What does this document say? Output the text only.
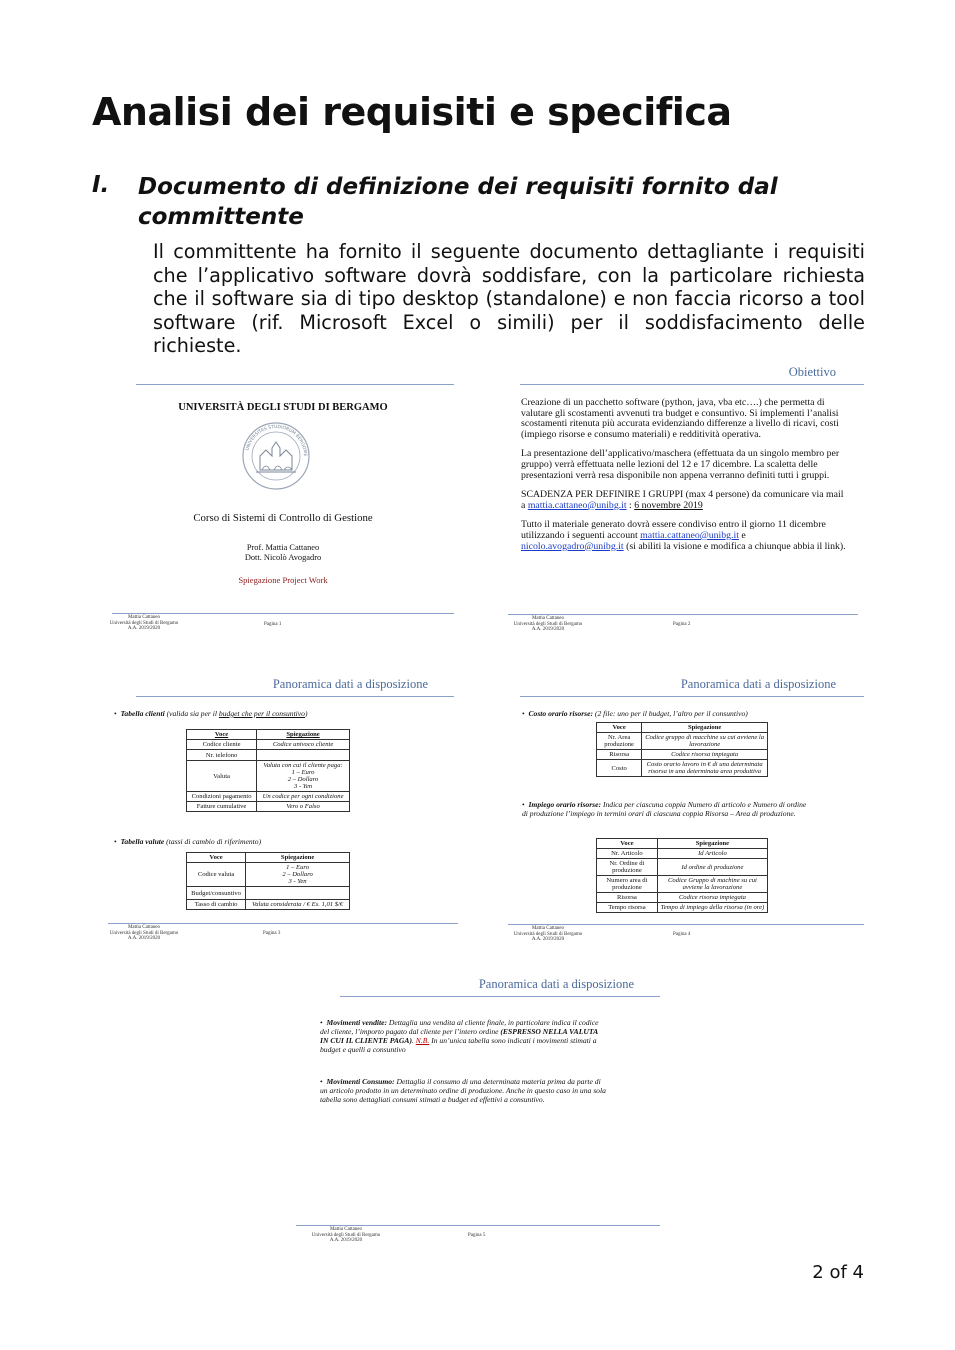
Analisi dei requisiti e specifica
I. Documento di definizione dei requisiti fornito dal committente

Il committente ha fornito il seguente documento dettagliante i requisiti che l’applicativo software dovrà soddisfare, con la particolare richiesta che il software sia di tipo desktop (standalone) e non faccia ricorso a tool software (rif. Microsoft Excel o simili) per il soddisfacimento delle richieste.

UNIVERSITÀ DEGLI STUDI DI BERGAMO
UNIVERSITAS STUDIORUM BERGOME
Corso di Sistemi di Controllo di Gestione
Prof. Mattia Cattaneo
Dott. Nicolò Avogadro
Spiegazione Project Work
Mattia Cattaneo
Università degli Studi di Bergamo
A.A. 2019/2020
Pagina 1
Obiettivo

Creazione di un pacchetto software (python, java, vba etc….) che permetta di valutare gli scostamenti avvenuti tra budget e consuntivo. Si implementi l’analisi scostamenti ritenuta più accurata evidenziando differenze a livello di ricavi, costi (impiego risorse e consumo materiali) e redditività operativa.

La presentazione dell’applicativo/maschera (effettuata da un singolo membro per gruppo) verrà effettuata nelle lezioni del 12 e 17 dicembre. La scaletta delle presentazioni verrà resa disponibile non appena verranno definiti tutti i gruppi.

SCADENZA PER DEFINIRE I GRUPPI (max 4 persone) da comunicare via mail a mattia.cattaneo@unibg.it : 6 novembre 2019

Tutto il materiale generato dovrà essere condiviso entro il giorno 11 dicembre utilizzando i seguenti account mattia.cattaneo@unibg.it e nicolo.avogadro@unibg.it (si abiliti la visione e modifica a chiunque abbia il link).

Mattia Cattaneo
Università degli Studi di Bergamo
A.A. 2019/2020
Pagina 2
Panoramica dati a disposizione
•  Tabella clienti (valida sia per il budget che per il consuntivo)
Voce	Spiegazione
Codice cliente	Codice univoco cliente
Nr. telefono	
Valuta	Valuta con cui il cliente paga:
1 – Euro
2 – Dollaro
3 - Yen

Condizioni pagamento	Un codice per ogni condizione
Fatture cumulative	Vero o Falso
•  Tabella valute (tassi di cambio di riferimento)
Voce	Spiegazione
Codice valuta	1 – Euro
2 – Dollaro
3 - Yen

Budget/consuntivo	
Tasso di cambio	Valuta considerata / € Es. 1,01 $/€
Mattia Cattaneo
Università degli Studi di Bergamo
A.A. 2019/2020
Pagina 3
Panoramica dati a disposizione
•  Costo orario risorse: (2 file: uno per il budget, l’altro per il consuntivo)
Voce	Spiegazione
Nr. Area produzione	Codice gruppo di macchine su cui avviene la lavorazione
Risorsa	Codice risorsa impiegata
Costo	Costo orario lavoro in € di una determinata risorsa in una determinata area produttiva
•  Impiego orario risorse: Indica per ciascuna coppia Numero di articolo e Numero di ordine di produzione l’impiego in termini orari di ciascuna coppia Risorsa – Area di produzione.
Voce	Spiegazione
Nr. Articolo	Id Articolo
Nr. Ordine di produzione	Id ordine di produzione
Numero area di produzione	Codice Gruppo di machine su cui avviene la lavorazione
Risorsa	Codice risorsa impiegata
Tempo risorsa	Tempo di impiego della risorsa (in ore)
Mattia Cattaneo
Università degli Studi di Bergamo
A.A. 2019/2020
Pagina 4
Panoramica dati a disposizione
•  Movimenti vendite: Dettaglia una vendita al cliente finale, in particolare indica il codice del cliente, l’importo pagato dal cliente per l’intero ordine (ESPRESSO NELLA VALUTA IN CUI IL CLIENTE PAGA). N.B. In un’unica tabella sono indicati i movimenti stimati a budget e quelli a consuntivo
•  Movimenti Consumo: Dettaglia il consumo di una determinata materia prima da parte di un articolo prodotto in un determinato ordine di produzione. Anche in questo caso in una sola tabella sono dettagliati consumi stimati a budget ed effettivi a consuntivo.
Mattia Cattaneo
Università degli Studi di Bergamo
A.A. 2019/2020
Pagina 5
2 of 4
